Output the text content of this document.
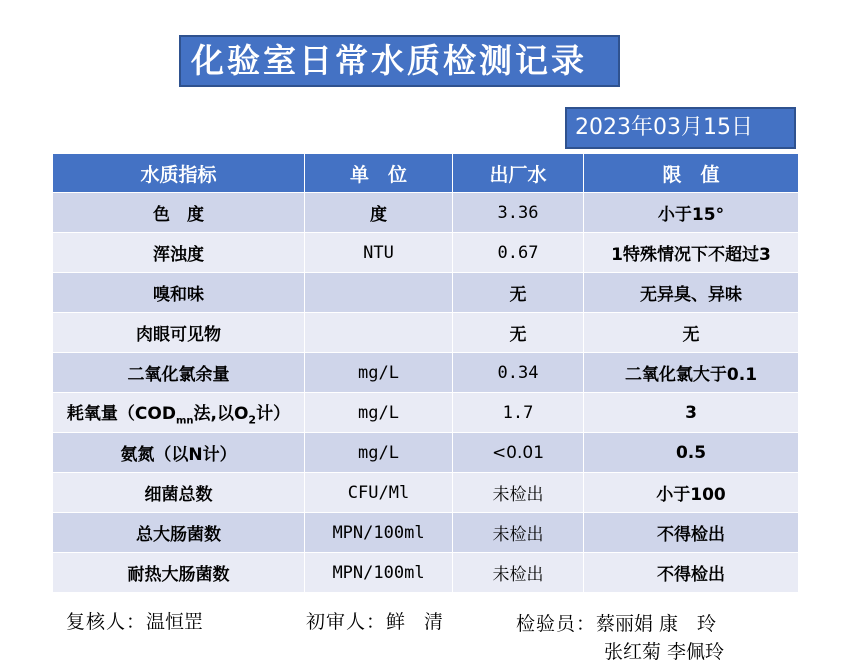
化验室日常水质检测记录
2023年03月15日
水质指标	单　位	出厂水	限　值
色　度	度	3.36	小于15°
浑浊度	NTU	0.67	1特殊情况下不超过3
嗅和味		无	无异臭、异味
肉眼可见物		无	无
二氧化氯余量	mg/L	0.34	二氧化氯大于0.1
耗氧量（$COD_{mn}$法,以$O_2$计）	mg/L	1.7	3
氨氮（以N计）	mg/L	<0.01	0.5
细菌总数	CFU/Ml	未检出	小于100
总大肠菌数	MPN/100ml	未检出	不得检出
耐热大肠菌数	MPN/100ml	未检出	不得检出
复核人：温恒罡	初审人：鲜　清	检验员：蔡丽娟 康　玲
张红菊 李佩玲
